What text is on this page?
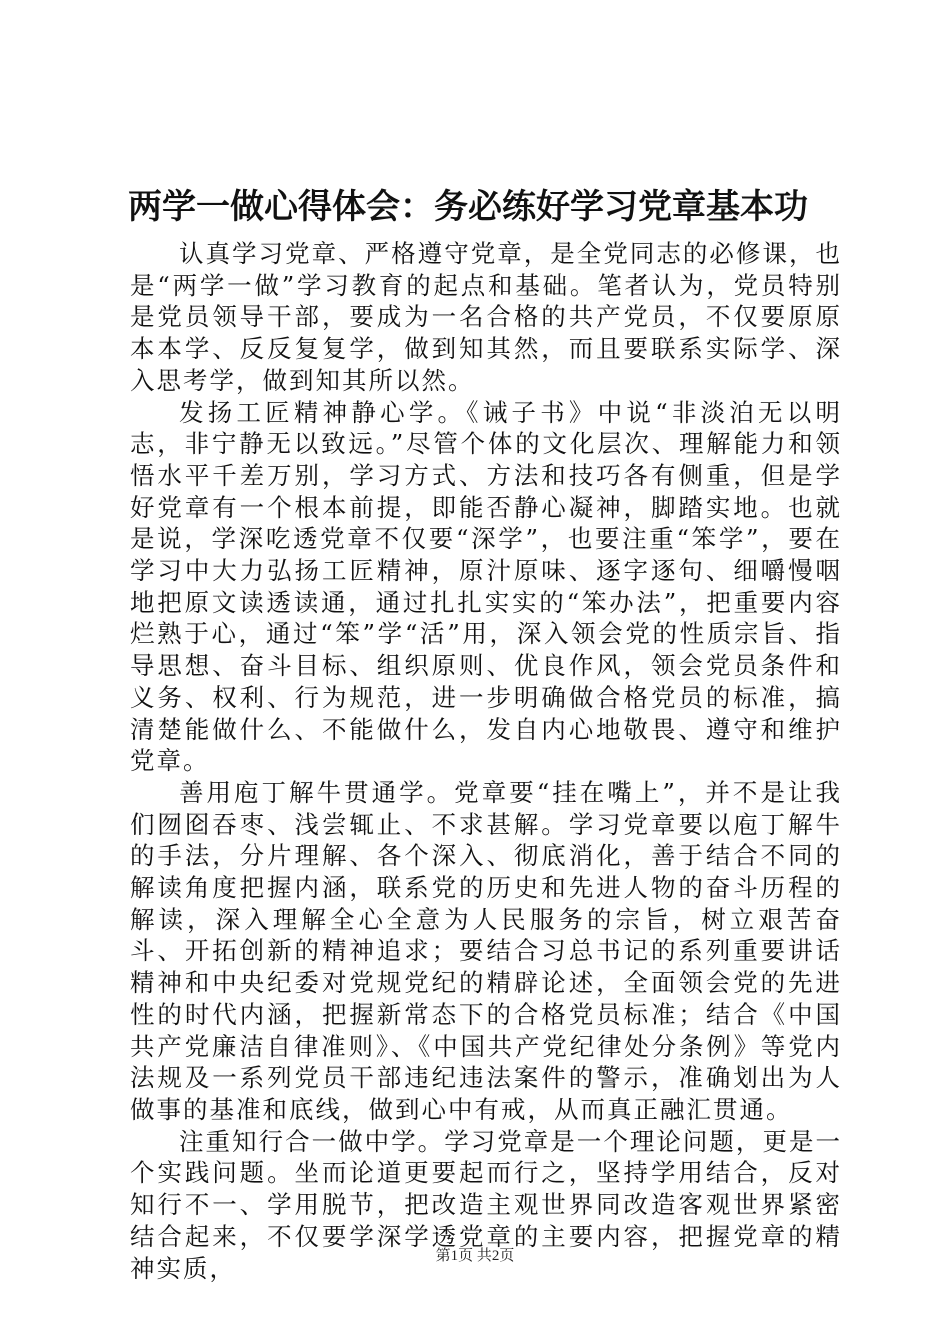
两学一做心得体会：务必练好学习党章基本功

认真学习党章、严格遵守党章，是全党同志的必修课，也是“两学一做”学习教育的起点和基础。笔者认为，党员特别是党员领导干部，要成为一名合格的共产党员，不仅要原原本本学、反反复复学，做到知其然，而且要联系实际学、深入思考学，做到知其所以然。

发扬工匠精神静心学。《诫子书》中说“非淡泊无以明志，非宁静无以致远。”尽管个体的文化层次、理解能力和领悟水平千差万别，学习方式、方法和技巧各有侧重，但是学好党章有一个根本前提，即能否静心凝神，脚踏实地。也就是说，学深吃透党章不仅要“深学”，也要注重“笨学”，要在学习中大力弘扬工匠精神，原汁原味、逐字逐句、细嚼慢咽地把原文读透读通，通过扎扎实实的“笨办法”，把重要内容烂熟于心，通过“笨”学“活”用，深入领会党的性质宗旨、指导思想、奋斗目标、组织原则、优良作风，领会党员条件和义务、权利、行为规范，进一步明确做合格党员的标准，搞清楚能做什么、不能做什么，发自内心地敬畏、遵守和维护党章。

善用庖丁解牛贯通学。党章要“挂在嘴上”，并不是让我们囫囵吞枣、浅尝辄止、不求甚解。学习党章要以庖丁解牛的手法，分片理解、各个深入、彻底消化，善于结合不同的解读角度把握内涵，联系党的历史和先进人物的奋斗历程的解读，深入理解全心全意为人民服务的宗旨，树立艰苦奋斗、开拓创新的精神追求；要结合习总书记的系列重要讲话精神和中央纪委对党规党纪的精辟论述，全面领会党的先进性的时代内涵，把握新常态下的合格党员标准；结合《中国共产党廉洁自律准则》、《中国共产党纪律处分条例》等党内法规及一系列党员干部违纪违法案件的警示，准确划出为人做事的基准和底线，做到心中有戒，从而真正融汇贯通。

注重知行合一做中学。学习党章是一个理论问题，更是一个实践问题。坐而论道更要起而行之，坚持学用结合，反对知行不一、学用脱节，把改造主观世界同改造客观世界紧密结合起来，不仅要学深学透党章的主要内容，把握党章的精神实质，	第1页 共2页
